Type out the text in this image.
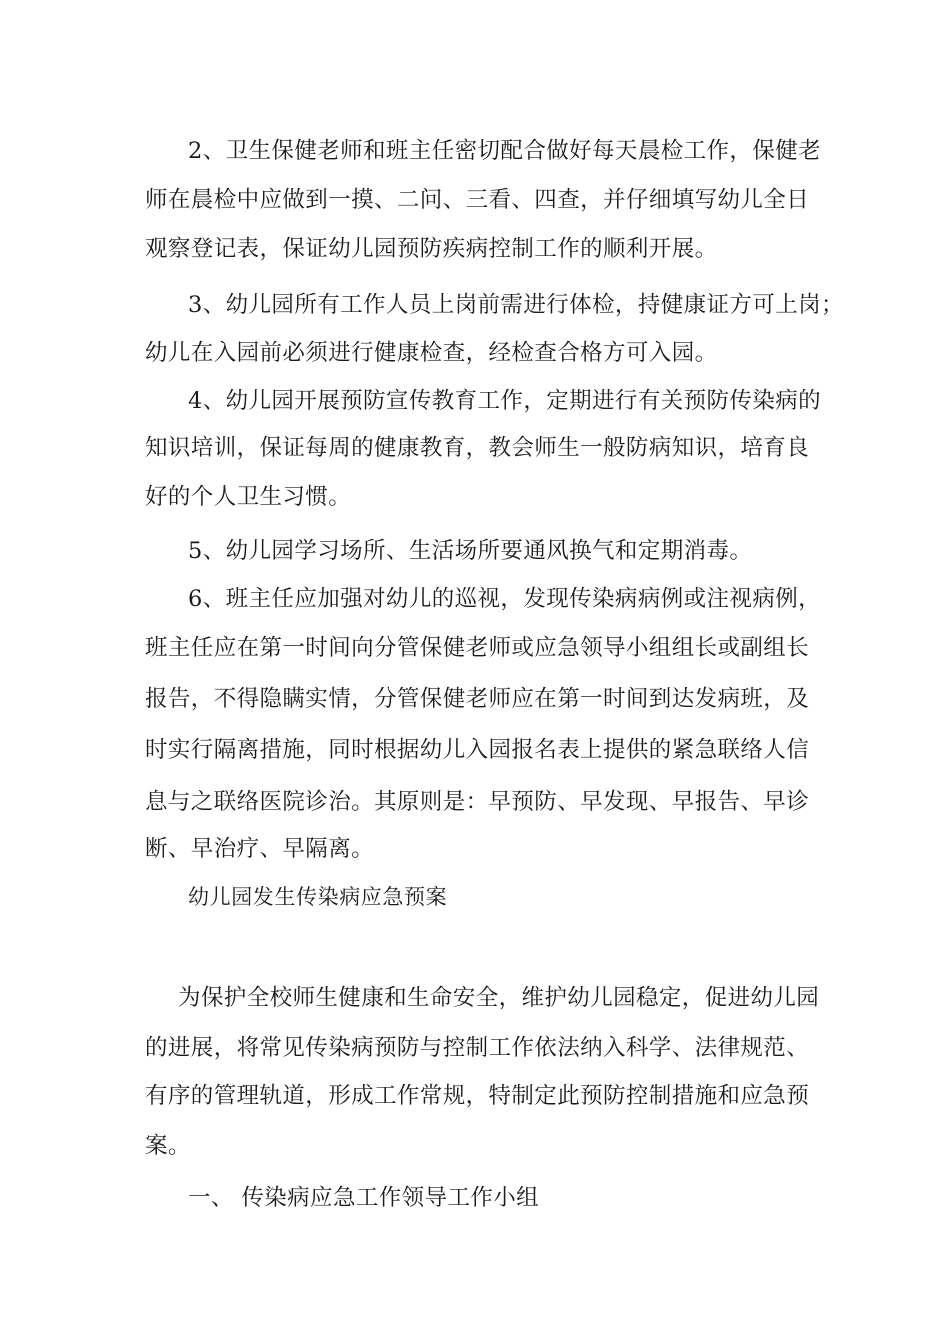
2、卫生保健老师和班主任密切配合做好每天晨检工作，保健老
师在晨检中应做到一摸、二问、三看、四查，并仔细填写幼儿全日
观察登记表，保证幼儿园预防疾病控制工作的顺利开展。
3、幼儿园所有工作人员上岗前需进行体检，持健康证方可上岗；
幼儿在入园前必须进行健康检查，经检查合格方可入园。
4、幼儿园开展预防宣传教育工作，定期进行有关预防传染病的
知识培训，保证每周的健康教育，教会师生一般防病知识，培育良
好的个人卫生习惯。
5、幼儿园学习场所、生活场所要通风换气和定期消毒。
6、班主任应加强对幼儿的巡视，发现传染病病例或注视病例，
班主任应在第一时间向分管保健老师或应急领导小组组长或副组长
报告，不得隐瞒实情，分管保健老师应在第一时间到达发病班，及
时实行隔离措施，同时根据幼儿入园报名表上提供的紧急联络人信
息与之联络医院诊治。其原则是：早预防、早发现、早报告、早诊
断、早治疗、早隔离。
幼儿园发生传染病应急预案
为保护全校师生健康和生命安全，维护幼儿园稳定，促进幼儿园
的进展，将常见传染病预防与控制工作依法纳入科学、法律规范、
有序的管理轨道，形成工作常规，特制定此预防控制措施和应急预
案。
一、 传染病应急工作领导工作小组
